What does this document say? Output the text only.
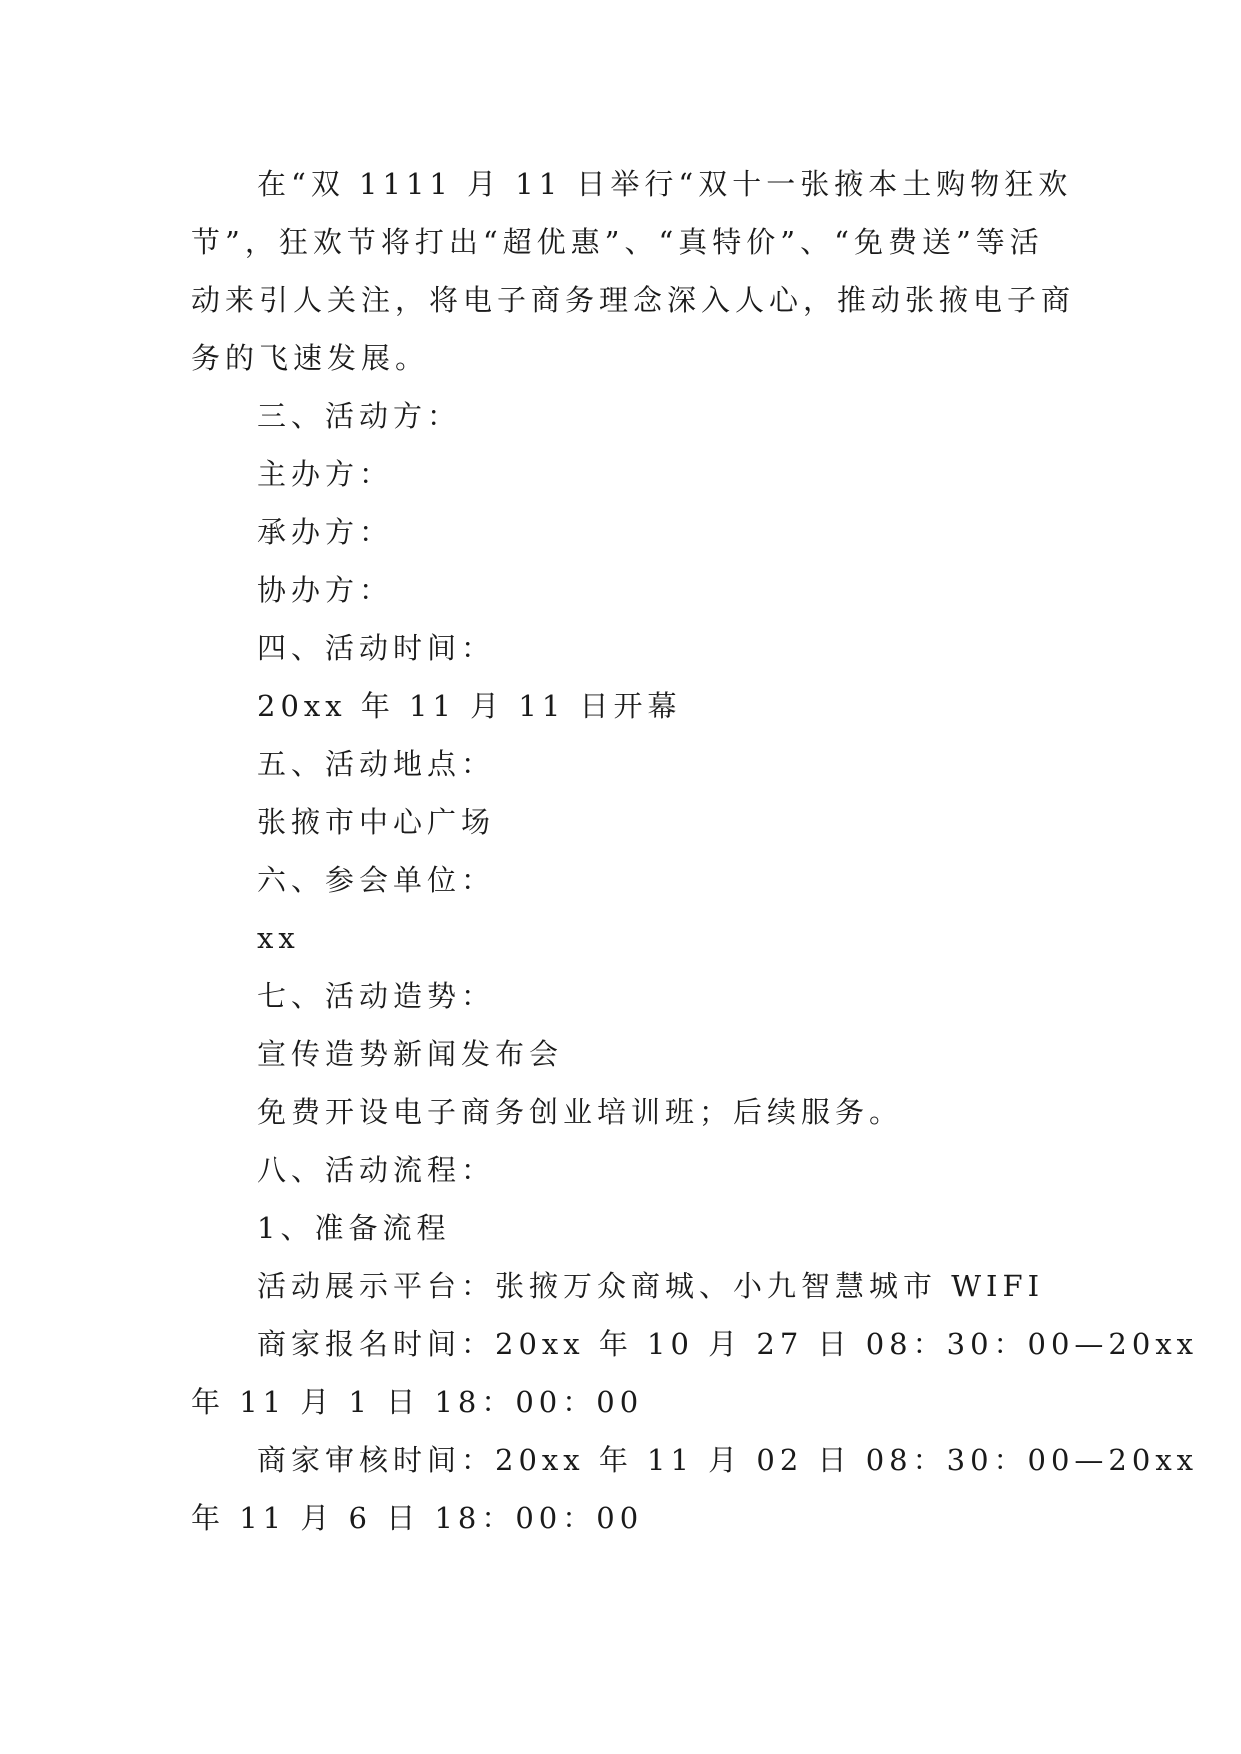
在“双 1111 月 11 日举行“双十一张掖本土购物狂欢
节”，狂欢节将打出“超优惠”、“真特价”、“免费送”等活
动来引人关注，将电子商务理念深入人心，推动张掖电子商
务的飞速发展。
三、活动方：
主办方：
承办方：
协办方：
四、活动时间：
20xx 年 11 月 11 日开幕
五、活动地点：
张掖市中心广场
六、参会单位：
xx
七、活动造势：
宣传造势新闻发布会
免费开设电子商务创业培训班；后续服务。
八、活动流程：
1、准备流程
活动展示平台：张掖万众商城、小九智慧城市 WIFI
商家报名时间：20xx 年 10 月 27 日 08：30：00—20xx
年 11 月 1 日 18：00：00
商家审核时间：20xx 年 11 月 02 日 08：30：00—20xx
年 11 月 6 日 18：00：00
